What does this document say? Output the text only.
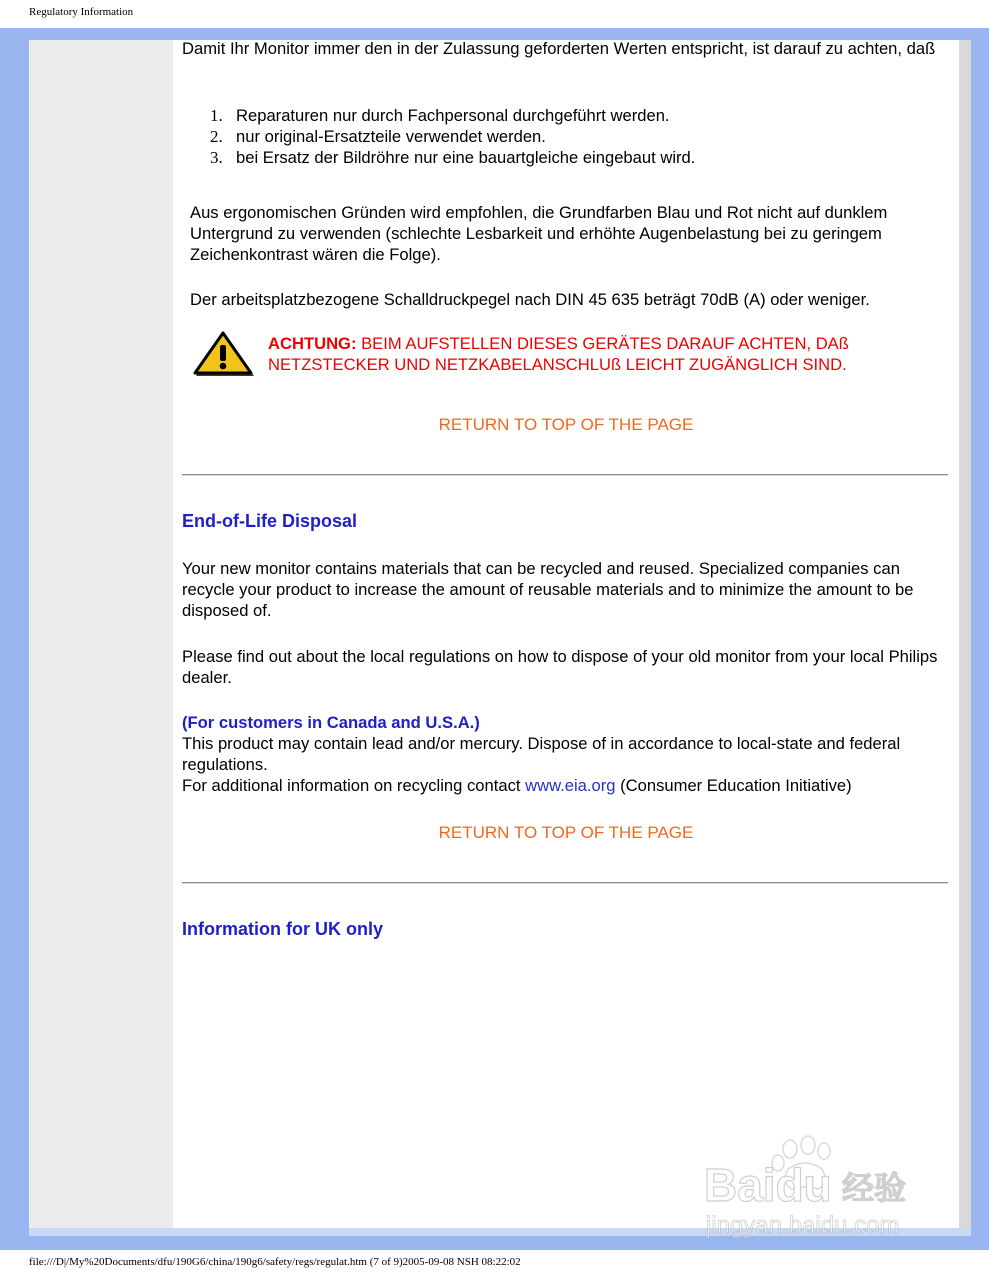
Regulatory Information

Damit Ihr Monitor immer den in der Zulassung geforderten Werten entspricht, ist darauf zu achten, daß

1. Reparaturen nur durch Fachpersonal durchgeführt werden.
2. nur original-Ersatzteile verwendet werden.
3. bei Ersatz der Bildröhre nur eine bauartgleiche eingebaut wird.

Aus ergonomischen Gründen wird empfohlen, die Grundfarben Blau und Rot nicht auf dunklem Untergrund zu verwenden (schlechte Lesbarkeit und erhöhte Augenbelastung bei zu geringem Zeichenkontrast wären die Folge).

Der arbeitsplatzbezogene Schalldruckpegel nach DIN 45 635 beträgt 70dB (A) oder weniger.

ACHTUNG: BEIM AUFSTELLEN DIESES GERÄTES DARAUF ACHTEN, DAß NETZSTECKER UND NETZKABELANSCHLUß LEICHT ZUGÄNGLICH SIND.
RETURN TO TOP OF THE PAGE
End-of-Life Disposal

Your new monitor contains materials that can be recycled and reused. Specialized companies can recycle your product to increase the amount of reusable materials and to minimize the amount to be disposed of.

Please find out about the local regulations on how to dispose of your old monitor from your local Philips dealer.

(For customers in Canada and U.S.A.)
This product may contain lead and/or mercury. Dispose of in accordance to local-state and federal regulations.
For additional information on recycling contact www.eia.org (Consumer Education Initiative)
RETURN TO TOP OF THE PAGE
Information for UK only
Baidu 经验
jingyan.baidu.com
file:///D|/My%20Documents/dfu/190G6/china/190g6/safety/regs/regulat.htm (7 of 9)2005-09-08 NSH 08:22:02
